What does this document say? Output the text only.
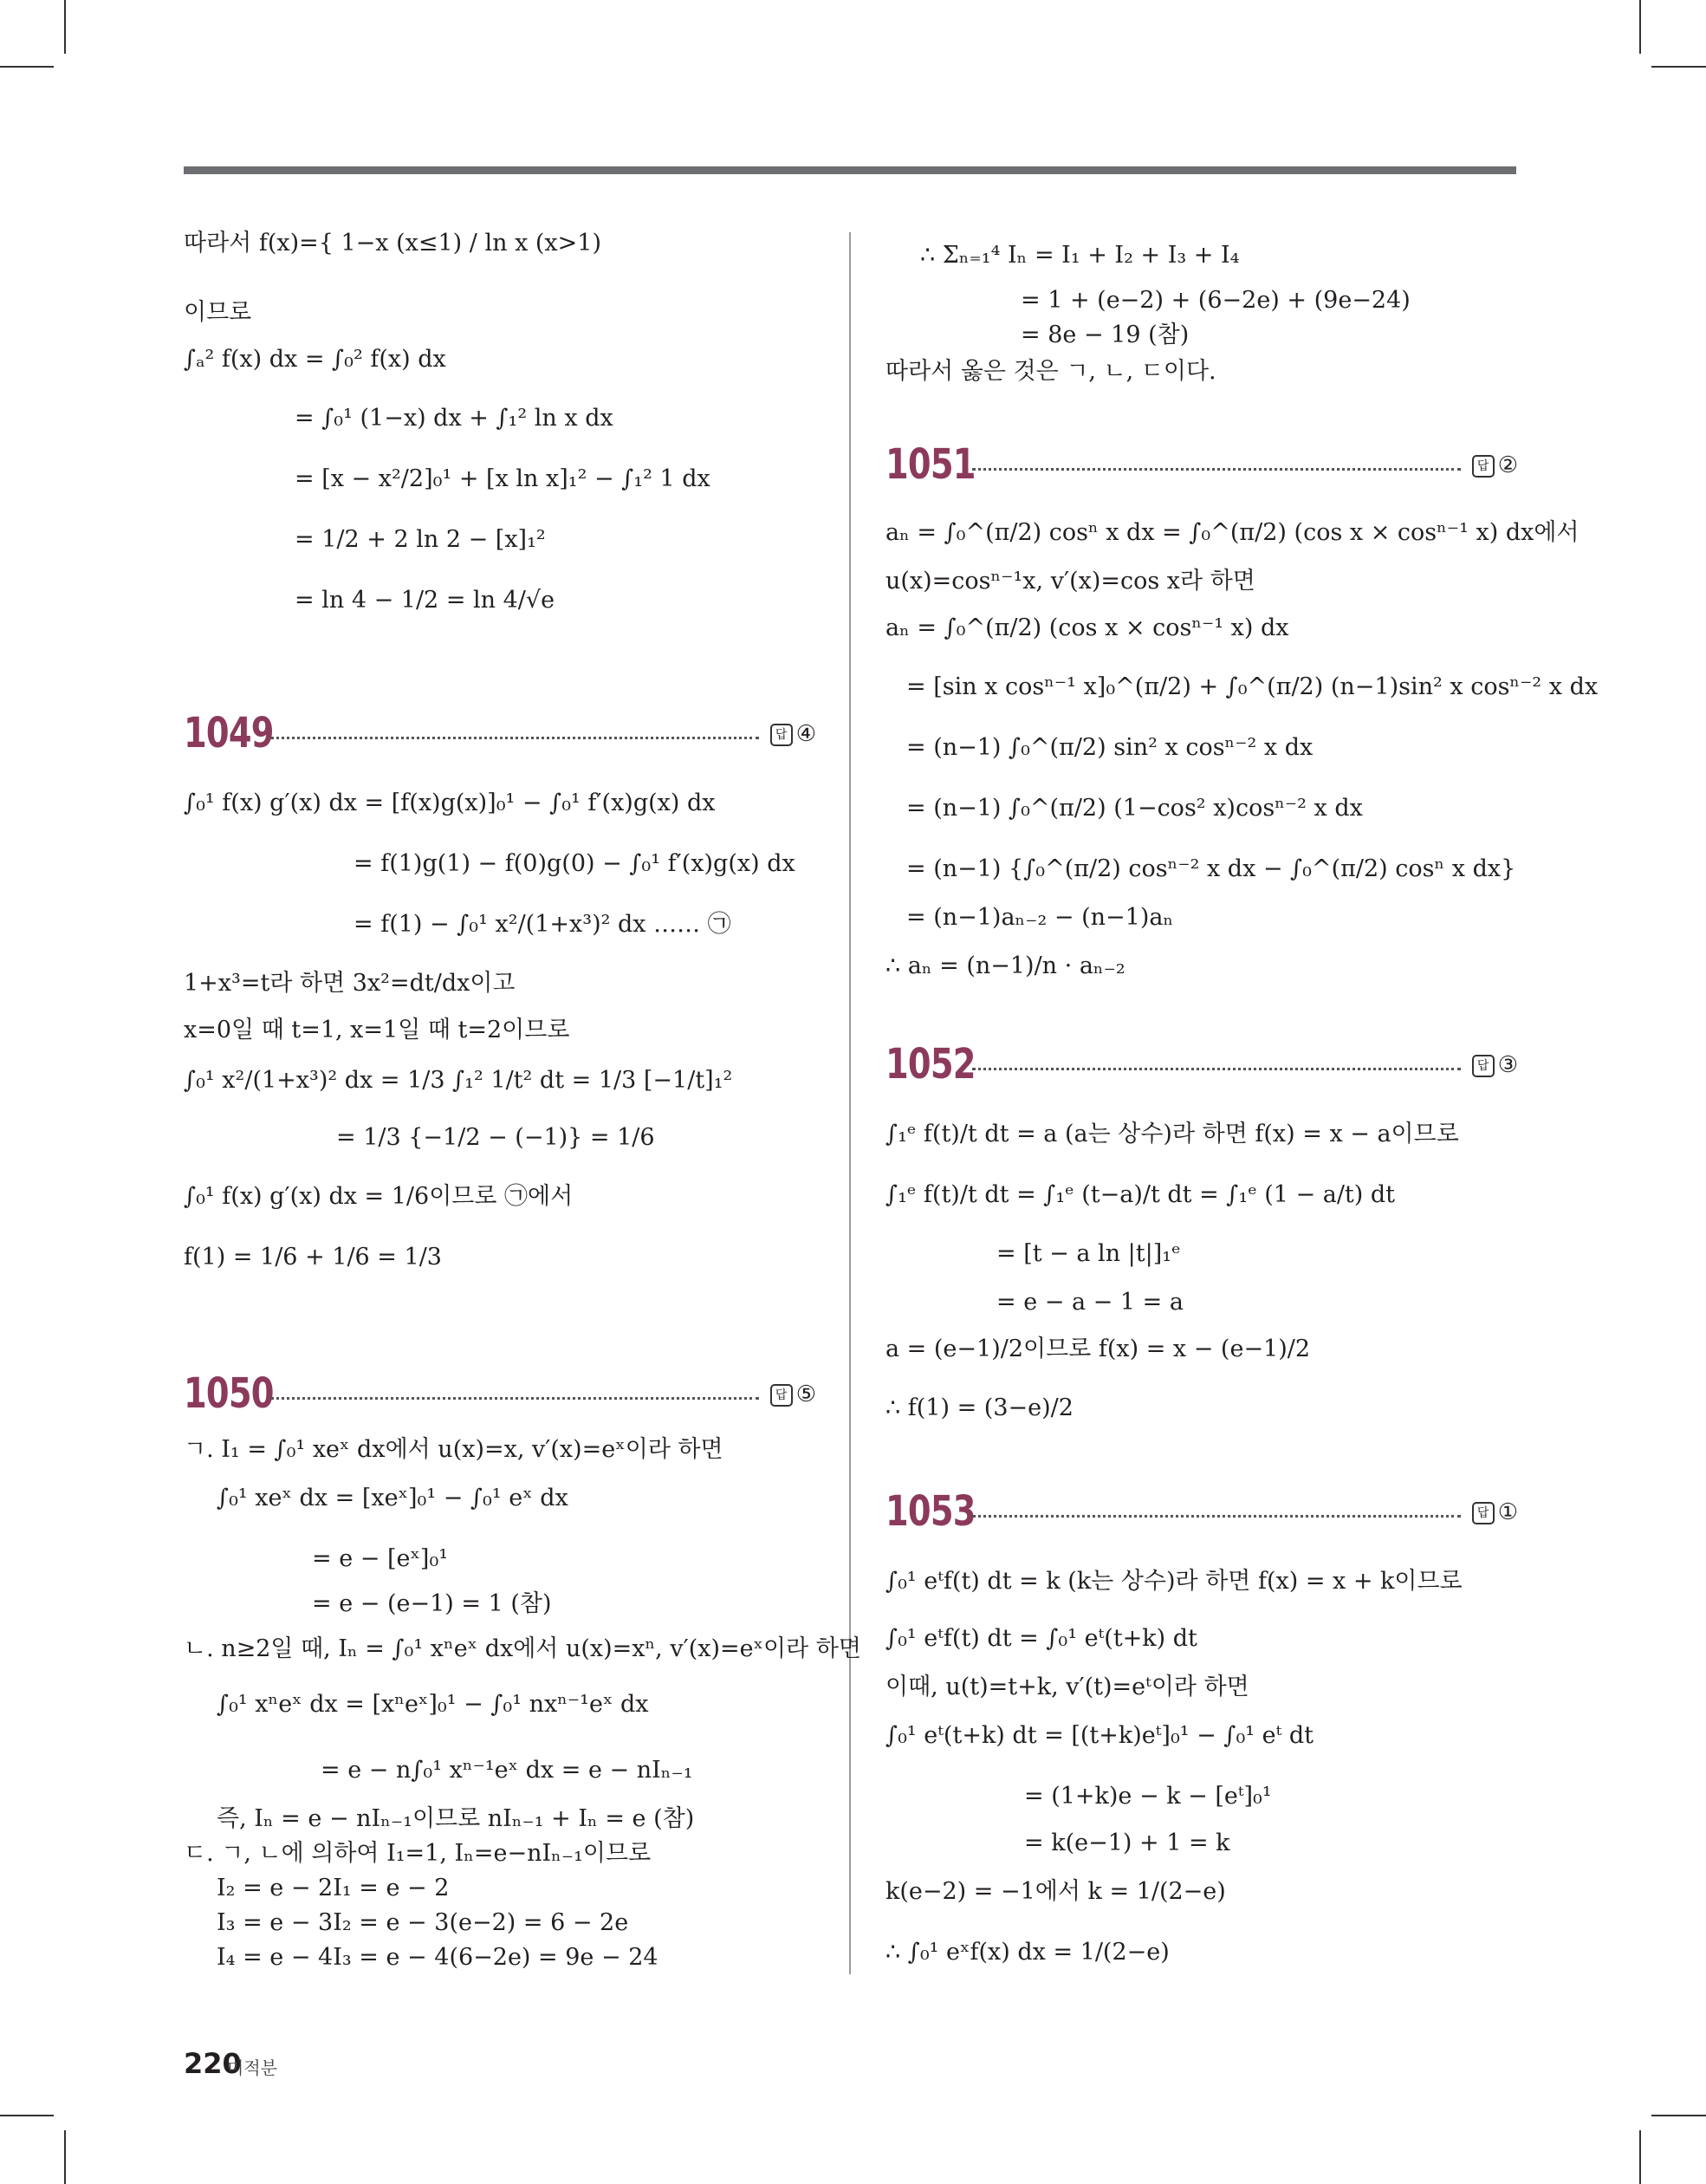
따라서 f(x)={ 1−x (x≤1) / ln x (x>1)
이므로
∫ₐ² f(x) dx = ∫₀² f(x) dx
= ∫₀¹ (1−x) dx + ∫₁² ln x dx
= [x − x²/2]₀¹ + [x ln x]₁² − ∫₁² 1 dx
= 1/2 + 2 ln 2 − [x]₁²
= ln 4 − 1/2 = ln 4/√e
1049	답 ④
∫₀¹ f(x) g′(x) dx = [f(x)g(x)]₀¹ − ∫₀¹ f′(x)g(x) dx
= f(1)g(1) − f(0)g(0) − ∫₀¹ f′(x)g(x) dx
= f(1) − ∫₀¹ x²/(1+x³)² dx …… ㉠
1+x³=t라 하면 3x²=dt/dx이고
x=0일 때 t=1, x=1일 때 t=2이므로
∫₀¹ x²/(1+x³)² dx = 1/3 ∫₁² 1/t² dt = 1/3 [−1/t]₁²
= 1/3 {−1/2 − (−1)} = 1/6
∫₀¹ f(x) g′(x) dx = 1/6이므로 ㉠에서
f(1) = 1/6 + 1/6 = 1/3
1050	답 ⑤
ㄱ. I₁ = ∫₀¹ xeˣ dx에서 u(x)=x, v′(x)=eˣ이라 하면
∫₀¹ xeˣ dx = [xeˣ]₀¹ − ∫₀¹ eˣ dx
= e − [eˣ]₀¹
= e − (e−1) = 1 (참)
ㄴ. n≥2일 때, Iₙ = ∫₀¹ xⁿeˣ dx에서 u(x)=xⁿ, v′(x)=eˣ이라 하면
∫₀¹ xⁿeˣ dx = [xⁿeˣ]₀¹ − ∫₀¹ nxⁿ⁻¹eˣ dx
= e − n∫₀¹ xⁿ⁻¹eˣ dx = e − nIₙ₋₁
즉, Iₙ = e − nIₙ₋₁이므로 nIₙ₋₁ + Iₙ = e (참)
ㄷ. ㄱ, ㄴ에 의하여 I₁=1, Iₙ=e−nIₙ₋₁이므로
I₂ = e − 2I₁ = e − 2
I₃ = e − 3I₂ = e − 3(e−2) = 6 − 2e
I₄ = e − 4I₃ = e − 4(6−2e) = 9e − 24
∴ Σₙ₌₁⁴ Iₙ = I₁ + I₂ + I₃ + I₄
= 1 + (e−2) + (6−2e) + (9e−24)
= 8e − 19 (참)
따라서 옳은 것은 ㄱ, ㄴ, ㄷ이다.
1051	답 ②
aₙ = ∫₀^(π/2) cosⁿ x dx = ∫₀^(π/2) (cos x × cosⁿ⁻¹ x) dx에서
u(x)=cosⁿ⁻¹x, v′(x)=cos x라 하면
aₙ = ∫₀^(π/2) (cos x × cosⁿ⁻¹ x) dx
= [sin x cosⁿ⁻¹ x]₀^(π/2) + ∫₀^(π/2) (n−1)sin² x cosⁿ⁻² x dx
= (n−1) ∫₀^(π/2) sin² x cosⁿ⁻² x dx
= (n−1) ∫₀^(π/2) (1−cos² x)cosⁿ⁻² x dx
= (n−1) {∫₀^(π/2) cosⁿ⁻² x dx − ∫₀^(π/2) cosⁿ x dx}
= (n−1)aₙ₋₂ − (n−1)aₙ
∴ aₙ = (n−1)/n · aₙ₋₂
1052	답 ③
∫₁ᵉ f(t)/t dt = a (a는 상수)라 하면 f(x) = x − a이므로
∫₁ᵉ f(t)/t dt = ∫₁ᵉ (t−a)/t dt = ∫₁ᵉ (1 − a/t) dt
= [t − a ln |t|]₁ᵉ
= e − a − 1 = a
a = (e−1)/2이므로 f(x) = x − (e−1)/2
∴ f(1) = (3−e)/2
1053	답 ①
∫₀¹ eᵗf(t) dt = k (k는 상수)라 하면 f(x) = x + k이므로
∫₀¹ eᵗf(t) dt = ∫₀¹ eᵗ(t+k) dt
이때, u(t)=t+k, v′(t)=eᵗ이라 하면
∫₀¹ eᵗ(t+k) dt = [(t+k)eᵗ]₀¹ − ∫₀¹ eᵗ dt
= (1+k)e − k − [eᵗ]₀¹
= k(e−1) + 1 = k
k(e−2) = −1에서 k = 1/(2−e)
∴ ∫₀¹ eˣf(x) dx = 1/(2−e)
220
미적분
